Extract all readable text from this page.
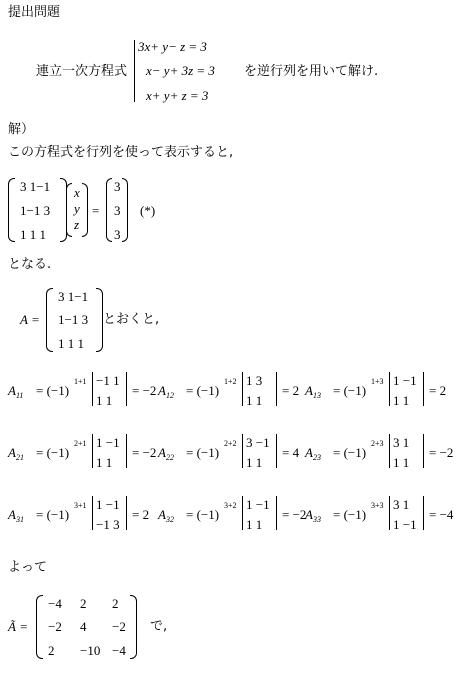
提出問題
連立一次方程式
3x+ y− z = 3
x− y+ 3z = 3
x+ y+ z = 3
を逆行列を用いて解け.
解）
この方程式を行列を使って表示すると,
3 1−1
1−1 3
1 1 1
x
y
z
=
3
3
3
(*)
となる.
A =
3 1−1
1−1 3
1 1 1
とおくと,
$A_{11} = (-1)$
1+1 −1 1
1 1
= −2 $A_{12} = (-1)$
1+2 1 3
1 1
= 2 $A_{13} = (-1)$
1+3 1 −1
1 1
= 2
$A_{21} = (-1)$
2+1 1 −1
1 1
= −2 $A_{22} = (-1)$
2+2 3 −1
1 1
= 4 $A_{23} = (-1)$
2+3 3 1
1 1
= −2
$A_{31} = (-1)$
3+1 1 −1
−1 3
= 2 $A_{32} = (-1)$
3+2 1 −1
1 1
= −2
$A_{33} = (-1)$
3+3 3 1
1 −1
= −4
よって
Ã =
−4 2 2
−2 4 −2
2 −10 −4
で,
